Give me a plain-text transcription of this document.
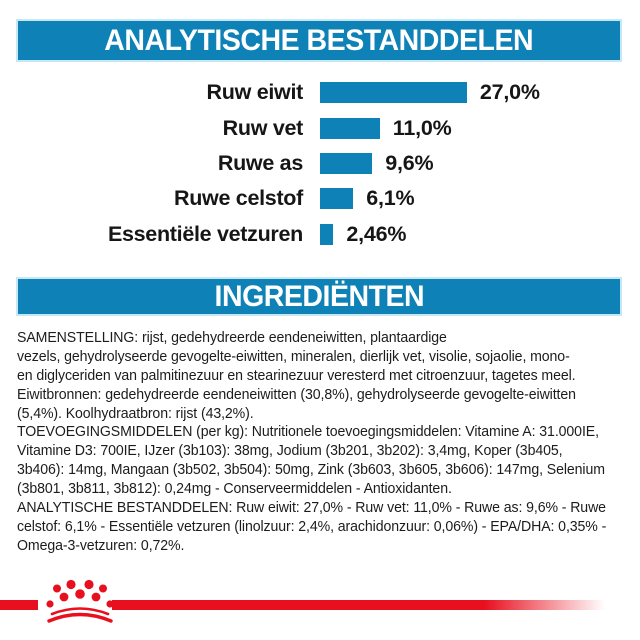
ANALYTISCHE BESTANDDELEN
Ruw eiwit	27,0%
Ruw vet	11,0%
Ruwe as	9,6%
Ruwe celstof	6,1%
Essentiële vetzuren 2,46%
INGREDIËNTEN
SAMENSTELLING: rijst, gedehydreerde eendeneiwitten, plantaardige
vezels, gehydrolyseerde gevogelte-eiwitten, mineralen, dierlijk vet, visolie, sojaolie, mono-
en diglyceriden van palmitinezuur en stearinezuur veresterd met citroenzuur, tagetes meel.
Eiwitbronnen: gedehydreerde eendeneiwitten (30,8%), gehydrolyseerde gevogelte-eiwitten
(5,4%). Koolhydraatbron: rijst (43,2%).
TOEVOEGINGSMIDDELEN (per kg): Nutritionele toevoegingsmiddelen: Vitamine A: 31.000IE,
Vitamine D3: 700IE, IJzer (3b103): 38mg, Jodium (3b201, 3b202): 3,4mg, Koper (3b405,
3b406): 14mg, Mangaan (3b502, 3b504): 50mg, Zink (3b603, 3b605, 3b606): 147mg, Selenium
(3b801, 3b811, 3b812): 0,24mg - Conserveermiddelen - Antioxidanten.
ANALYTISCHE BESTANDDELEN: Ruw eiwit: 27,0% - Ruw vet: 11,0% - Ruwe as: 9,6% - Ruwe
celstof: 6,1% - Essentiële vetzuren (linolzuur: 2,4%, arachidonzuur: 0,06%) - EPA/DHA: 0,35% -
Omega-3-vetzuren: 0,72%.
